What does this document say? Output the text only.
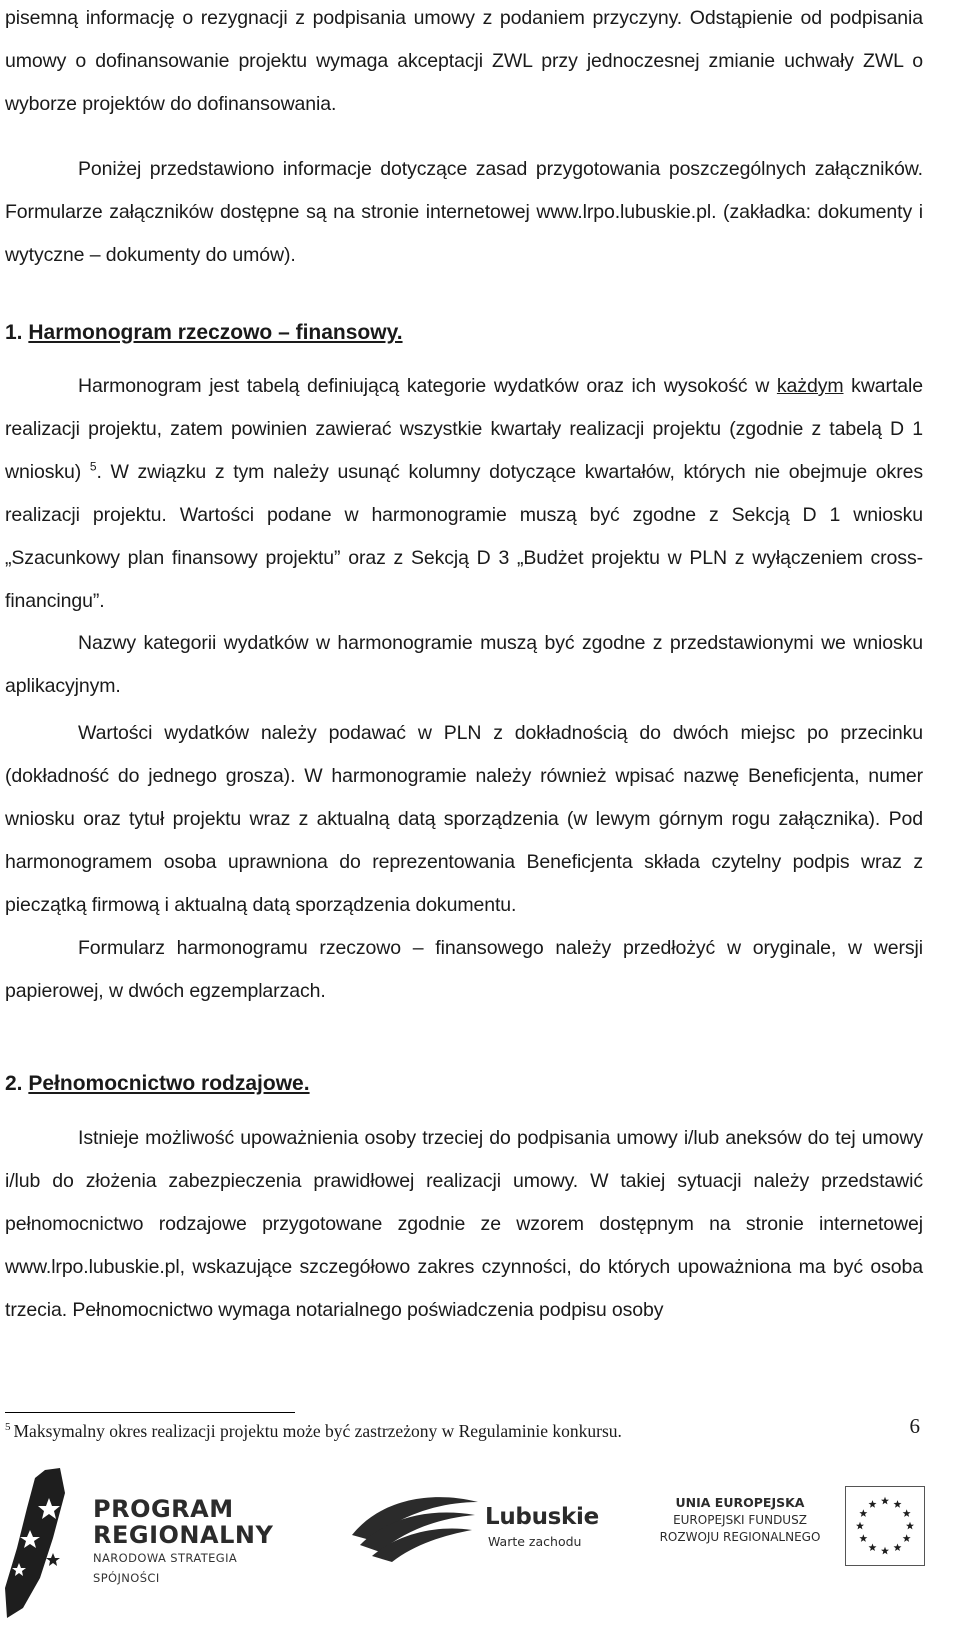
pisemną informację o rezygnacji z podpisania umowy z podaniem przyczyny. Odstąpienie od podpisania umowy o dofinansowanie projektu wymaga akceptacji ZWL przy jednoczesnej zmianie uchwały ZWL o wyborze projektów do dofinansowania.

Poniżej przedstawiono informacje dotyczące zasad przygotowania poszczególnych załączników. Formularze załączników dostępne są na stronie internetowej www.lrpo.lubuskie.pl. (zakładka: dokumenty i wytyczne – dokumenty do umów).

1. Harmonogram rzeczowo – finansowy.

Harmonogram jest tabelą definiującą kategorie wydatków oraz ich wysokość w każdym kwartale realizacji projektu, zatem powinien zawierać wszystkie kwartały realizacji projektu (zgodnie z tabelą D 1 wniosku) $^5$. W związku z tym należy usunąć kolumny dotyczące kwartałów, których nie obejmuje okres realizacji projektu. Wartości podane w harmonogramie muszą być zgodne z Sekcją D 1 wniosku „Szacunkowy plan finansowy projektu” oraz z Sekcją D 3 „Budżet projektu w PLN z wyłączeniem cross-financingu”.

Nazwy kategorii wydatków w harmonogramie muszą być zgodne z przedstawionymi we wniosku aplikacyjnym.

Wartości wydatków należy podawać w PLN z dokładnością do dwóch miejsc po przecinku (dokładność do jednego grosza). W harmonogramie należy również wpisać nazwę Beneficjenta, numer wniosku oraz tytuł projektu wraz z aktualną datą sporządzenia (w lewym górnym rogu załącznika). Pod harmonogramem osoba uprawniona do reprezentowania Beneficjenta składa czytelny podpis wraz z pieczątką firmową i aktualną datą sporządzenia dokumentu.

Formularz harmonogramu rzeczowo – finansowego należy przedłożyć w oryginale, w wersji papierowej, w dwóch egzemplarzach.

2. Pełnomocnictwo rodzajowe.

Istnieje możliwość upoważnienia osoby trzeciej do podpisania umowy i/lub aneksów do tej umowy i/lub do złożenia zabezpieczenia prawidłowej realizacji umowy. W takiej sytuacji należy przedstawić pełnomocnictwo rodzajowe przygotowane zgodnie ze wzorem dostępnym na stronie internetowej www.lrpo.lubuskie.pl, wskazujące szczegółowo zakres czynności, do których upoważniona ma być osoba trzecia. Pełnomocnictwo wymaga notarialnego poświadczenia podpisu osoby

$^5$ Maksymalny okres realizacji projektu może być zastrzeżony w Regulaminie konkursu.	6
PROGRAM
REGIONALNY
NARODOWA STRATEGIA SPÓJNOŚCI
Lubuskie
Warte zachodu
UNIA EUROPEJSKA
EUROPEJSKI FUNDUSZ
ROZWOJU REGIONALNEGO
